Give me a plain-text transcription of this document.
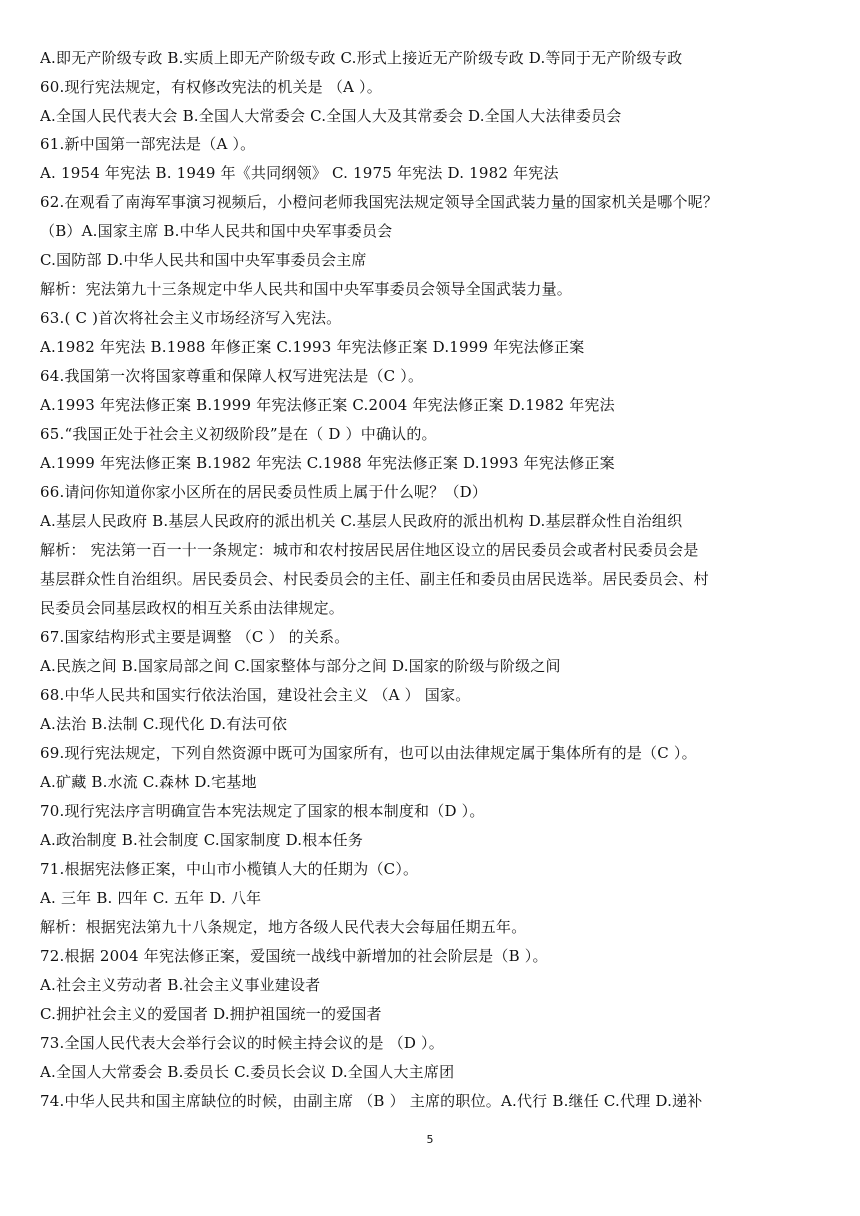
A.即无产阶级专政 B.实质上即无产阶级专政 C.形式上接近无产阶级专政 D.等同于无产阶级专政
60.现行宪法规定，有权修改宪法的机关是 （A ）。
A.全国人民代表大会 B.全国人大常委会 C.全国人大及其常委会 D.全国人大法律委员会
61.新中国第一部宪法是（A ）。
A. 1954 年宪法 B. 1949 年《共同纲领》 C. 1975 年宪法 D. 1982 年宪法
62.在观看了南海军事演习视频后，小橙问老师我国宪法规定领导全国武装力量的国家机关是哪个呢？
（B）A.国家主席 B.中华人民共和国中央军事委员会
C.国防部 D.中华人民共和国中央军事委员会主席
解析：宪法第九十三条规定中华人民共和国中央军事委员会领导全国武装力量。
63.( C )首次将社会主义市场经济写入宪法。
A.1982 年宪法 B.1988 年修正案 C.1993 年宪法修正案 D.1999 年宪法修正案
64.我国第一次将国家尊重和保障人权写进宪法是（C ）。
A.1993 年宪法修正案 B.1999 年宪法修正案 C.2004 年宪法修正案 D.1982 年宪法
65.“我国正处于社会主义初级阶段”是在（ D ）中确认的。
A.1999 年宪法修正案 B.1982 年宪法 C.1988 年宪法修正案 D.1993 年宪法修正案
66.请问你知道你家小区所在的居民委员性质上属于什么呢？（D）
A.基层人民政府 B.基层人民政府的派出机关 C.基层人民政府的派出机构 D.基层群众性自治组织
解析： 宪法第一百一十一条规定：城市和农村按居民居住地区设立的居民委员会或者村民委员会是
基层群众性自治组织。居民委员会、村民委员会的主任、副主任和委员由居民选举。居民委员会、村
民委员会同基层政权的相互关系由法律规定。
67.国家结构形式主要是调整 （C ） 的关系。
A.民族之间 B.国家局部之间 C.国家整体与部分之间 D.国家的阶级与阶级之间
68.中华人民共和国实行依法治国，建设社会主义 （A ） 国家。
A.法治 B.法制 C.现代化 D.有法可依
69.现行宪法规定，下列自然资源中既可为国家所有，也可以由法律规定属于集体所有的是（C ）。
A.矿藏 B.水流 C.森林 D.宅基地
70.现行宪法序言明确宣告本宪法规定了国家的根本制度和（D ）。
A.政治制度 B.社会制度 C.国家制度 D.根本任务
71.根据宪法修正案，中山市小榄镇人大的任期为（C）。
A. 三年 B. 四年 C. 五年 D. 八年
解析：根据宪法第九十八条规定，地方各级人民代表大会每届任期五年。
72.根据 2004 年宪法修正案，爱国统一战线中新增加的社会阶层是（B ）。
A.社会主义劳动者 B.社会主义事业建设者
C.拥护社会主义的爱国者 D.拥护祖国统一的爱国者
73.全国人民代表大会举行会议的时候主持会议的是 （D ）。
A.全国人大常委会 B.委员长 C.委员长会议 D.全国人大主席团
74.中华人民共和国主席缺位的时候，由副主席 （B ） 主席的职位。A.代行 B.继任 C.代理 D.递补
5
